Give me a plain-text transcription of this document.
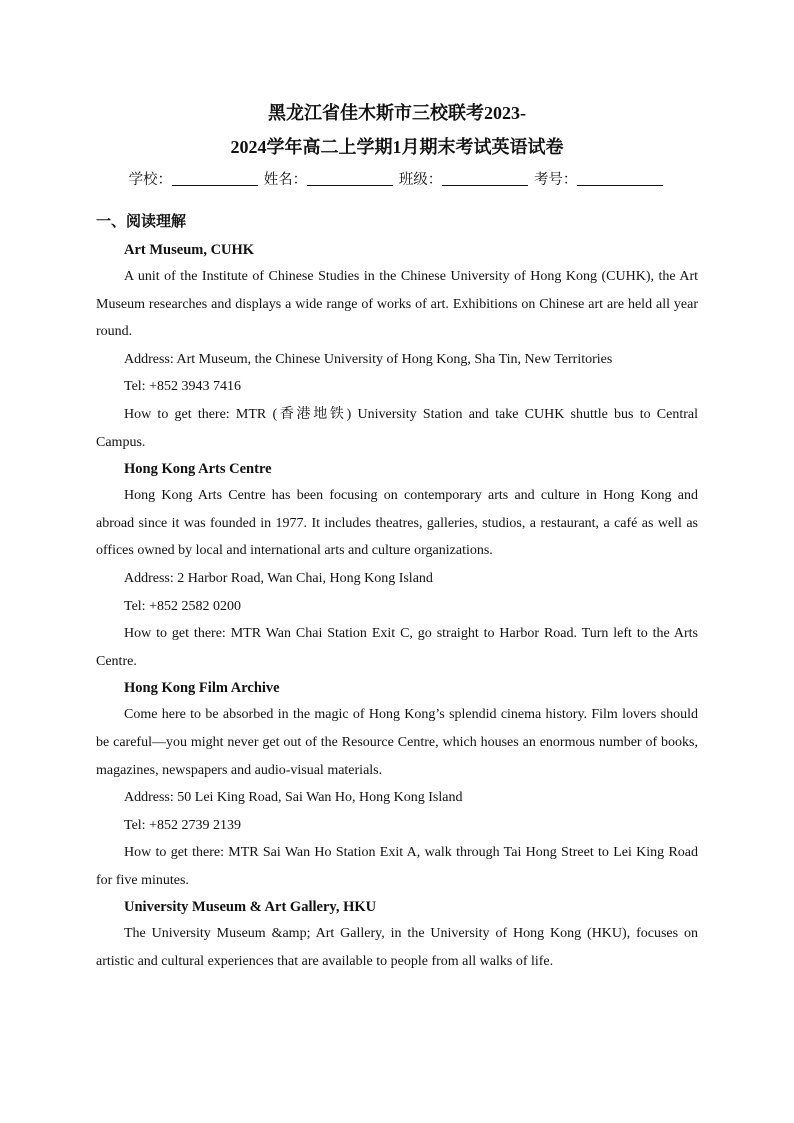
黑龙江省佳木斯市三校联考2023-
2024学年高二上学期1月期末考试英语试卷
学校：	姓名：	班级：	考号：
一、阅读理解

Art Museum, CUHK

A unit of the Institute of Chinese Studies in the Chinese University of Hong Kong (CUHK), the Art Museum researches and displays a wide range of works of art. Exhibitions on Chinese art are held all year round.

Address: Art Museum, the Chinese University of Hong Kong, Sha Tin, New Territories

Tel: +852 3943 7416

How to get there: MTR (香港地铁) University Station and take CUHK shuttle bus to Central Campus.

Hong Kong Arts Centre

Hong Kong Arts Centre has been focusing on contemporary arts and culture in Hong Kong and abroad since it was founded in 1977. It includes theatres, galleries, studios, a restaurant, a café as well as offices owned by local and international arts and culture organizations.

Address: 2 Harbor Road, Wan Chai, Hong Kong Island

Tel: +852 2582 0200

How to get there: MTR Wan Chai Station Exit C, go straight to Harbor Road. Turn left to the Arts Centre.

Hong Kong Film Archive

Come here to be absorbed in the magic of Hong Kong’s splendid cinema history. Film lovers should be careful—you might never get out of the Resource Centre, which houses an enormous number of books, magazines, newspapers and audio-visual materials.

Address: 50 Lei King Road, Sai Wan Ho, Hong Kong Island

Tel: +852 2739 2139

How to get there: MTR Sai Wan Ho Station Exit A, walk through Tai Hong Street to Lei King Road for five minutes.

University Museum & Art Gallery, HKU

The University Museum &amp; Art Gallery, in the University of Hong Kong (HKU), focuses on artistic and cultural experiences that are available to people from all walks of life.
